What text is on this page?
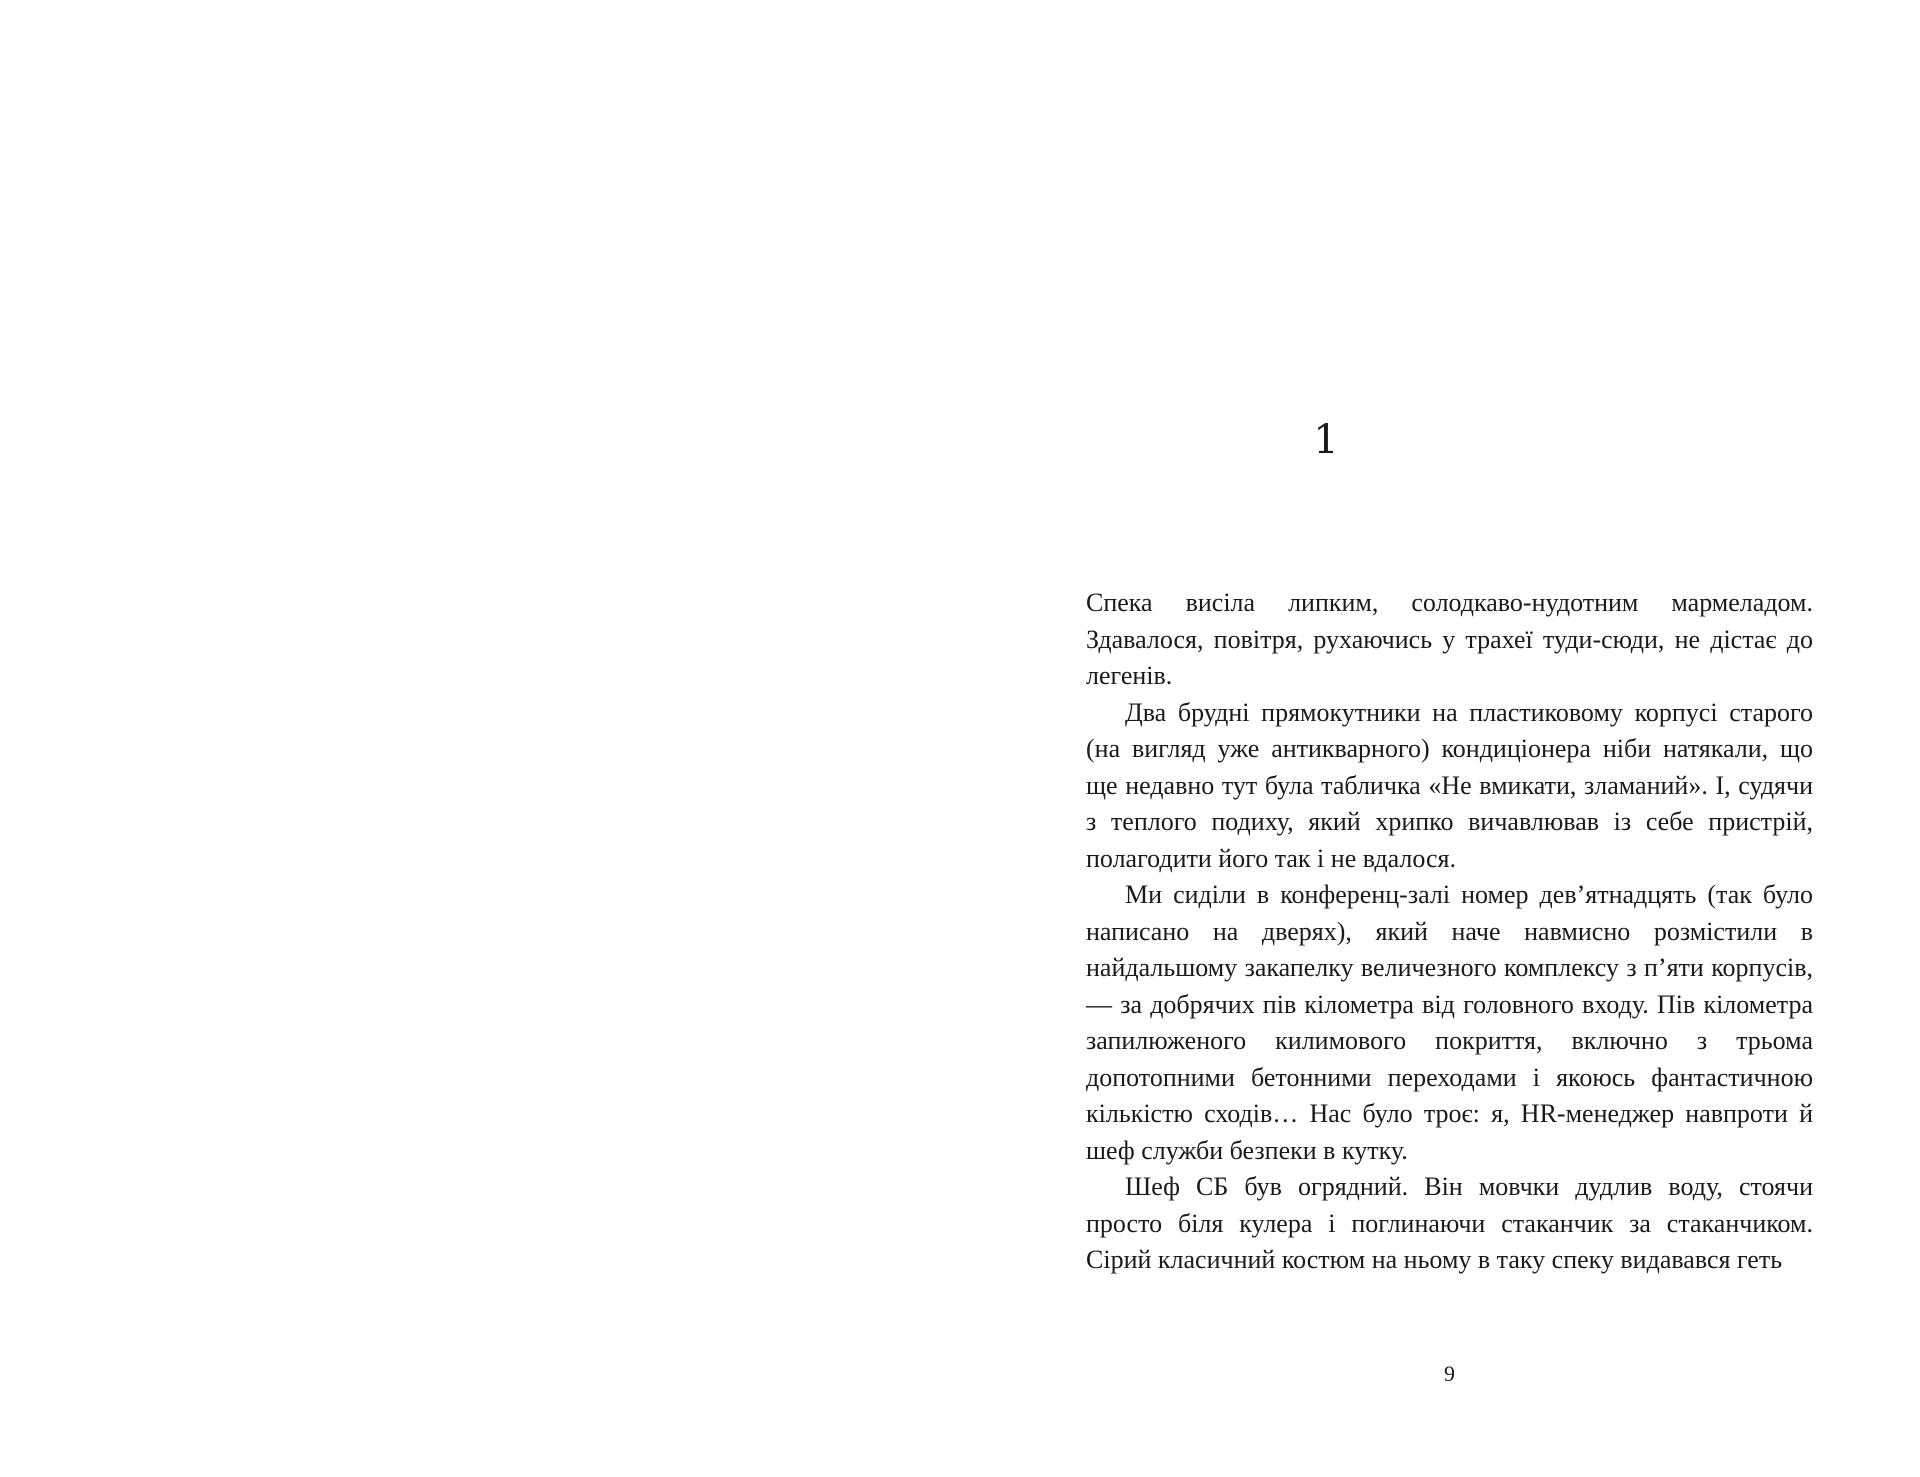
1

Спека висіла липким, солодкаво-нудотним мармеладом. Здавалося, повітря, рухаючись у трахеї туди-сюди, не дістає до легенів.

Два брудні прямокутники на пластиковому корпусі старого (на вигляд уже антикварного) кондиціонера ніби натякали, що ще недавно тут була табличка «Не вмикати, зламаний». І, судячи з теплого подиху, який хрипко вичавлював із себе пристрій, полагодити його так і не вдалося.

Ми сиділи в конференц-залі номер дев’ятнадцять (так було написано на дверях), який наче навмисно розмістили в найдальшому закапелку величезного комплексу з п’яти корпусів, — за добрячих пів кілометра від головного входу. Пів кілометра запилюженого килимового покриття, включно з трьома допотопними бетонними переходами і якоюсь фантастичною кількістю сходів… Нас було троє: я, HR-менеджер навпроти й шеф служби безпеки в кутку.

Шеф СБ був огрядний. Він мовчки дудлив воду, стоячи просто біля кулера і поглинаючи стаканчик за стаканчиком. Сірий класичний костюм на ньому в таку спеку видавався геть

9
